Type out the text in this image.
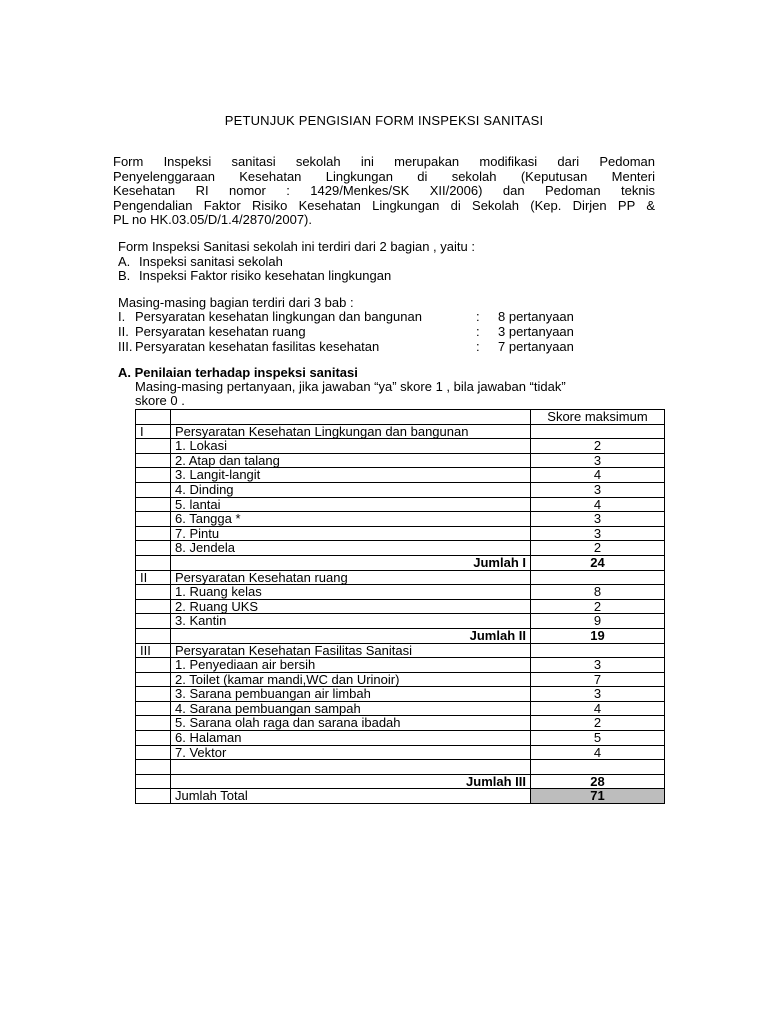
PETUNJUK PENGISIAN FORM INSPEKSI SANITASI
Form Inspeksi sanitasi sekolah ini merupakan modifikasi dari Pedoman
Penyelenggaraan Kesehatan Lingkungan di sekolah (Keputusan Menteri
Kesehatan RI nomor : 1429/Menkes/SK XII/2006) dan Pedoman teknis
Pengendalian Faktor Risiko Kesehatan Lingkungan di Sekolah (Kep. Dirjen PP &
PL no HK.03.05/D/1.4/2870/2007).
Form Inspeksi Sanitasi sekolah ini terdiri dari 2 bagian , yaitu :
A. Inspeksi sanitasi sekolah
B. Inspeksi Faktor risiko kesehatan lingkungan
Masing-masing bagian terdiri dari 3 bab :
I. Persyaratan kesehatan lingkungan dan bangunan	: 8 pertanyaan
II. Persyaratan kesehatan ruang	: 3 pertanyaan
III. Persyaratan kesehatan fasilitas kesehatan	: 7 pertanyaan
A. Penilaian terhadap inspeksi sanitasi
Masing-masing pertanyaan, jika jawaban “ya” skore 1 , bila jawaban “tidak”
skore 0 .
		Skore maksimum
I	Persyaratan Kesehatan Lingkungan dan bangunan	
	1. Lokasi	2
	2. Atap dan talang	3
	3. Langit-langit	4
	4. Dinding	3
	5. lantai	4
	6. Tangga *	3
	7. Pintu	3
	8. Jendela	2
	Jumlah I	24
II	Persyaratan Kesehatan ruang	
	1. Ruang kelas	8
	2. Ruang UKS	2
	3. Kantin	9
	Jumlah II	19
III	Persyaratan Kesehatan Fasilitas Sanitasi	
	1. Penyediaan air bersih	3
	2. Toilet (kamar mandi,WC dan Urinoir)	7
	3. Sarana pembuangan air limbah	3
	4. Sarana pembuangan sampah	4
	5. Sarana olah raga dan sarana ibadah	2
	6. Halaman	5
	7. Vektor	4

	Jumlah III	28
	Jumlah Total	71
